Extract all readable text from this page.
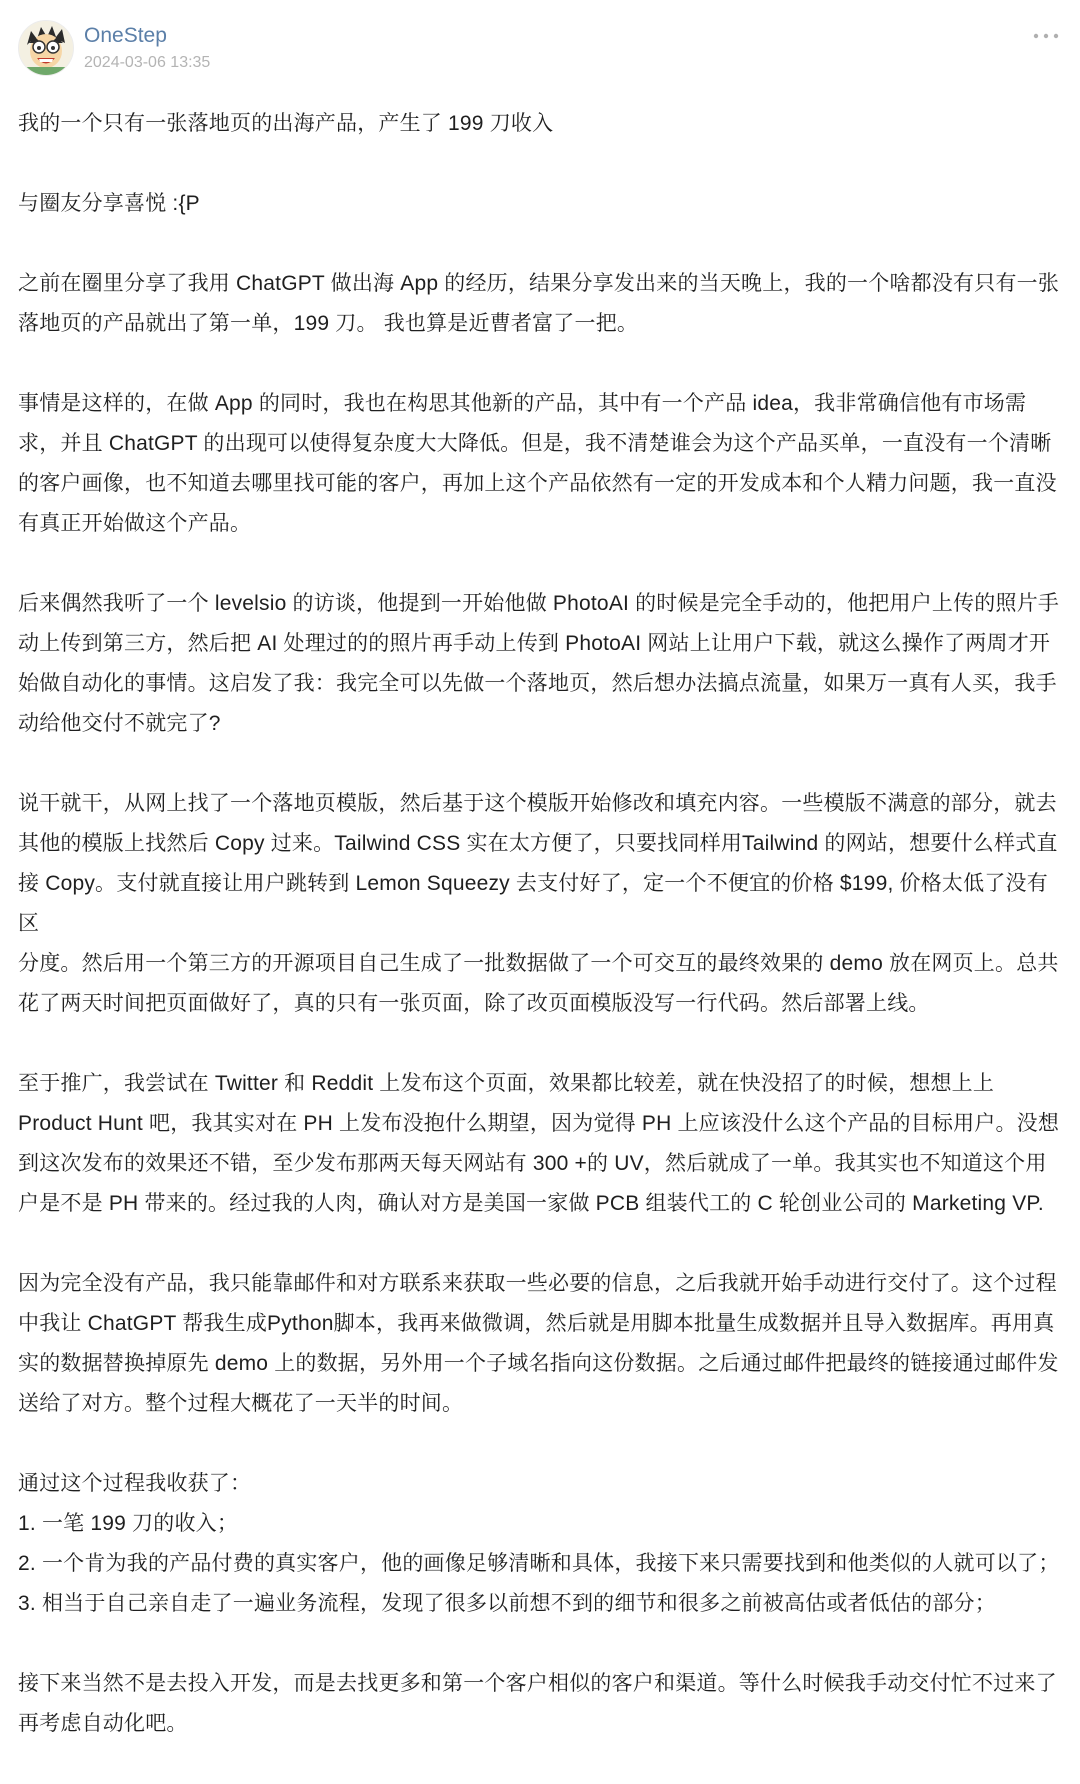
OneStep
2024-03-06 13:35

我的一个只有一张落地页的出海产品，产生了 199 刀收入

与圈友分享喜悦 :{P

之前在圈里分享了我用 ChatGPT 做出海 App 的经历，结果分享发出来的当天晚上，我的一个啥都没有只有一张
落地页的产品就出了第一单，199 刀。 我也算是近曹者富了一把。

事情是这样的，在做 App 的同时，我也在构思其他新的产品，其中有一个产品 idea，我非常确信他有市场需
求，并且 ChatGPT 的出现可以使得复杂度大大降低。但是，我不清楚谁会为这个产品买单，一直没有一个清晰
的客户画像，也不知道去哪里找可能的客户，再加上这个产品依然有一定的开发成本和个人精力问题，我一直没
有真正开始做这个产品。

后来偶然我听了一个 levelsio 的访谈，他提到一开始他做 PhotoAI 的时候是完全手动的，他把用户上传的照片手
动上传到第三方，然后把 AI 处理过的的照片再手动上传到 PhotoAI 网站上让用户下载，就这么操作了两周才开
始做自动化的事情。这启发了我：我完全可以先做一个落地页，然后想办法搞点流量，如果万一真有人买，我手
动给他交付不就完了?

说干就干，从网上找了一个落地页模版，然后基于这个模版开始修改和填充内容。一些模版不满意的部分，就去
其他的模版上找然后 Copy 过来。Tailwind CSS 实在太方便了，只要找同样用Tailwind 的网站，想要什么样式直
接 Copy。支付就直接让用户跳转到 Lemon Squeezy 去支付好了，定一个不便宜的价格 $199, 价格太低了没有区
分度。然后用一个第三方的开源项目自己生成了一批数据做了一个可交互的最终效果的 demo 放在网页上。总共
花了两天时间把页面做好了，真的只有一张页面，除了改页面模版没写一行代码。然后部署上线。

至于推广，我尝试在 Twitter 和 Reddit 上发布这个页面，效果都比较差，就在快没招了的时候，想想上上
Product Hunt 吧，我其实对在 PH 上发布没抱什么期望，因为觉得 PH 上应该没什么这个产品的目标用户。没想
到这次发布的效果还不错，至少发布那两天每天网站有 300 +的 UV，然后就成了一单。我其实也不知道这个用
户是不是 PH 带来的。经过我的人肉，确认对方是美国一家做 PCB 组装代工的 C 轮创业公司的 Marketing VP.

因为完全没有产品，我只能靠邮件和对方联系来获取一些必要的信息，之后我就开始手动进行交付了。这个过程
中我让 ChatGPT 帮我生成Python脚本，我再来做微调，然后就是用脚本批量生成数据并且导入数据库。再用真
实的数据替换掉原先 demo 上的数据，另外用一个子域名指向这份数据。之后通过邮件把最终的链接通过邮件发
送给了对方。整个过程大概花了一天半的时间。

通过这个过程我收获了：
1. 一笔 199 刀的收入；
2. 一个肯为我的产品付费的真实客户，他的画像足够清晰和具体，我接下来只需要找到和他类似的人就可以了；
3. 相当于自己亲自走了一遍业务流程，发现了很多以前想不到的细节和很多之前被高估或者低估的部分；

接下来当然不是去投入开发，而是去找更多和第一个客户相似的客户和渠道。等什么时候我手动交付忙不过来了
再考虑自动化吧。
